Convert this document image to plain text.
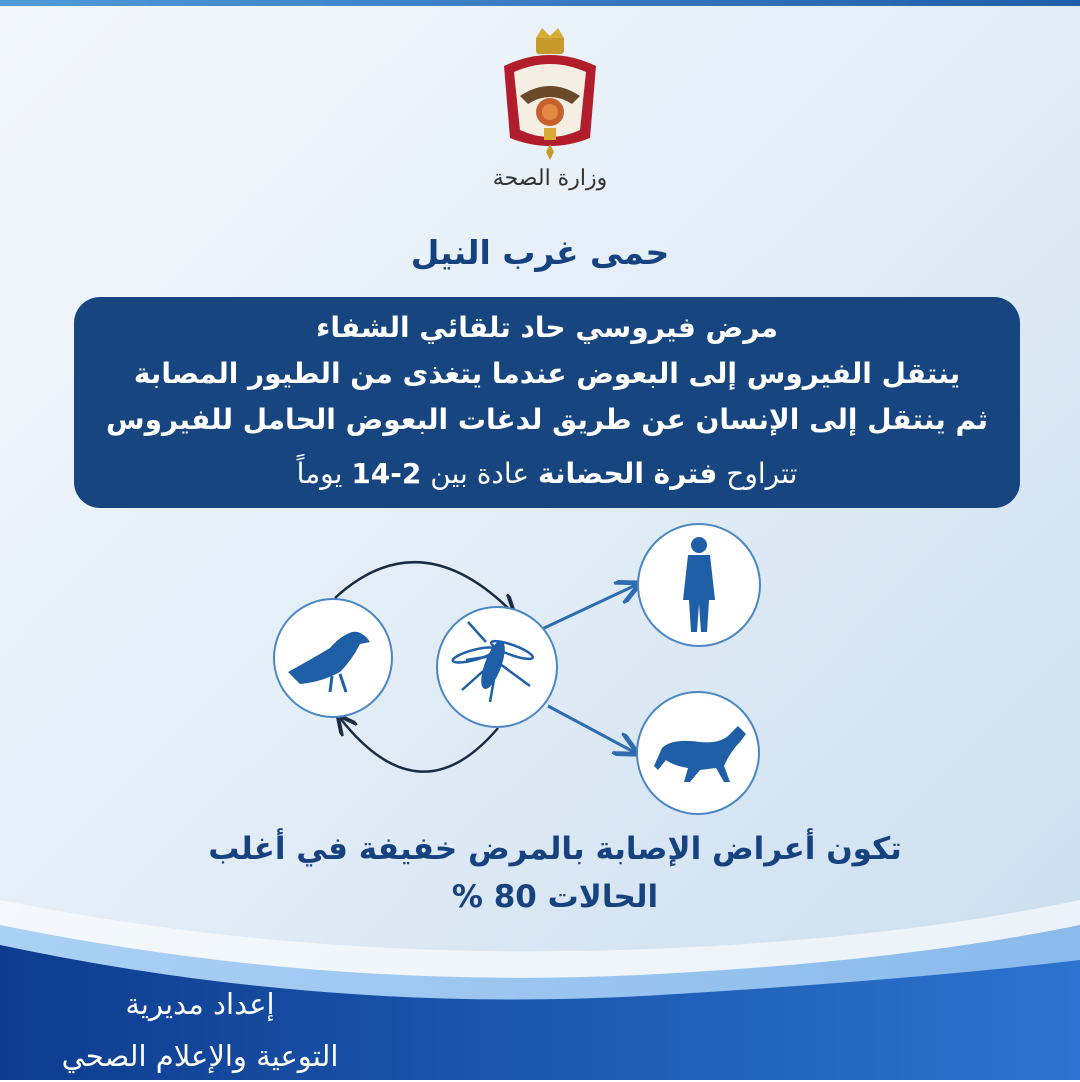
وزارة الصحة
حمى غرب النيل
مرض فيروسي حاد تلقائي الشفاء
ينتقل الفيروس إلى البعوض عندما يتغذى من الطيور المصابة
ثم ينتقل إلى الإنسان عن طريق لدغات البعوض الحامل للفيروس
تتراوح فترة الحضانة عادة بين 2-14 يوماً
تكون أعراض الإصابة بالمرض خفيفة في أغلب
الحالات 80 %
إعداد مديرية
التوعية والإعلام الصحي
